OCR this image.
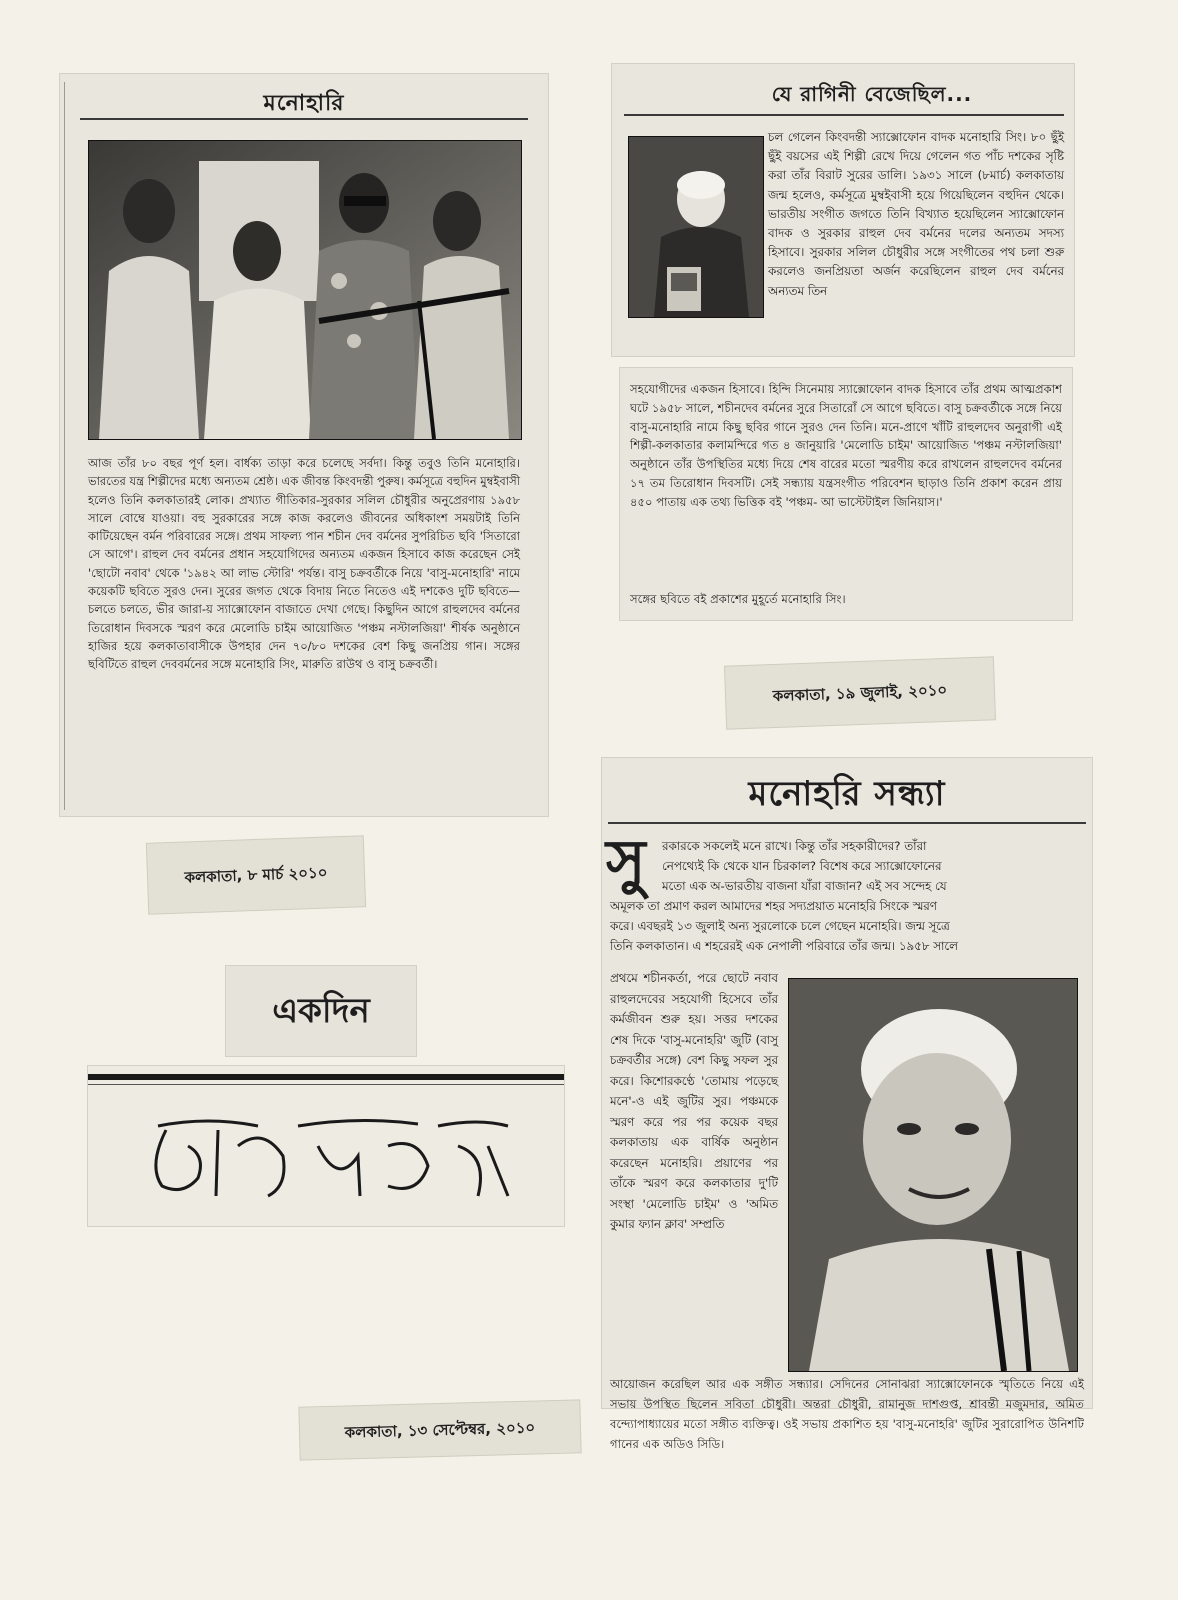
মনোহারি
আজ তাঁর ৮০ বছর পূর্ণ হল। বার্ধক্য তাড়া করে চলেছে সর্বদা। কিন্তু তবুও তিনি মনোহারি। ভারতের যন্ত্র শিল্পীদের মধ্যে অন্যতম শ্রেষ্ঠ। এক জীবন্ত কিংবদন্তী পুরুষ। কর্মসূত্রে বহুদিন মুম্বইবাসী হলেও তিনি কলকাতারই লোক। প্রখ্যাত গীতিকার-সুরকার সলিল চৌধুরীর অনুপ্রেরণায় ১৯৫৮ সালে বোম্বে যাওয়া। বহু সুরকারের সঙ্গে কাজ করলেও জীবনের অধিকাংশ সময়টাই তিনি কাটিয়েছেন বর্মন পরিবারের সঙ্গে। প্রথম সাফল্য পান শচীন দেব বর্মনের সুপরিচিত ছবি 'সিতারো সে আগে'। রাহুল দেব বর্মনের প্রধান সহযোগিদের অন্যতম একজন হিসাবে কাজ করেছেন সেই 'ছোটো নবাব' থেকে '১৯৪২ আ লাভ স্টোরি' পর্যন্ত। বাসু চক্রবর্তীকে নিয়ে 'বাসু-মনোহারি' নামে কয়েকটি ছবিতে সুরও দেন। সুরের জগত থেকে বিদায় নিতে নিতেও এই দশকেও দুটি ছবিতে—চলতে চলতে, ভীর জারা-য় স্যাক্সোফোন বাজাতে দেখা গেছে। কিছুদিন আগে রাহুলদেব বর্মনের তিরোধান দিবসকে স্মরণ করে মেলোডি চাইম আয়োজিত 'পঞ্চম নস্টালজিয়া' শীর্ষক অনুষ্ঠানে হাজির হয়ে কলকাতাবাসীকে উপহার দেন ৭০/৮০ দশকের বেশ কিছু জনপ্রিয় গান। সঙ্গের ছবিটিতে রাহুল দেববর্মনের সঙ্গে মনোহারি সিং, মারুতি রাউথ ও বাসু চক্রবর্তী।
কলকাতা, ৮ মার্চ ২০১০
যে রাগিনী বেজেছিল...
চল গেলেন কিংবদন্তী স্যাক্সোফোন বাদক মনোহারি সিং। ৮০ ছুঁই ছুঁই বয়সের এই শিল্পী রেখে দিয়ে গেলেন গত পাঁচ দশকের সৃষ্টি করা তাঁর বিরাট সুরের ডালি। ১৯৩১ সালে (৮মার্চ) কলকাতায় জন্ম হলেও, কর্মসূত্রে মুম্বইবাসী হয়ে গিয়েছিলেন বহুদিন থেকে। ভারতীয় সংগীত জগতে তিনি বিখ্যাত হয়েছিলেন স্যাক্সোফোন বাদক ও সুরকার রাহুল দেব বর্মনের দলের অন্যতম সদস্য হিসাবে। সুরকার সলিল চৌধুরীর সঙ্গে সংগীতের পথ চলা শুরু করলেও জনপ্রিয়তা অর্জন করেছিলেন রাহুল দেব বর্মনের অন্যতম তিন
সহযোগীদের একজন হিসাবে। হিন্দি সিনেমায় স্যাক্সোফোন বাদক হিসাবে তাঁর প্রথম আত্মপ্রকাশ ঘটে ১৯৫৮ সালে, শচীনদেব বর্মনের সুরে সিতারোঁ সে আগে ছবিতে। বাসু চক্রবর্তীকে সঙ্গে নিয়ে বাসু-মনোহারি নামে কিছু ছবির গানে সুরও দেন তিনি। মনে-প্রাণে খাঁটি রাহুলদেব অনুরাগী এই শিল্পী-কলকাতার কলামন্দিরে গত ৪ জানুয়ারি 'মেলোডি চাইম' আয়োজিত 'পঞ্চম নস্টালজিয়া' অনুষ্ঠানে তাঁর উপস্থিতির মধ্যে দিয়ে শেষ বারের মতো স্মরণীয় করে রাখলেন রাহুলদেব বর্মনের ১৭ তম তিরোধান দিবসটি। সেই সন্ধ্যায় যন্ত্রসংগীত পরিবেশন ছাড়াও তিনি প্রকাশ করেন প্রায় ৪৫০ পাতায় এক তথ্য ভিত্তিক বই 'পঞ্চম- আ ভাস্টেটাইল জিনিয়াস।'
সঙ্গের ছবিতে বই প্রকাশের মুহূর্তে মনোহারি সিং।
কলকাতা, ১৯ জুলাই, ২০১০
একদিন
কলকাতা, ১৩ সেপ্টেম্বর, ২০১০
মনোহরি সন্ধ্যা
সু রকারকে সকলেই মনে রাখে। কিন্তু তাঁর সহকারীদের? তাঁরা
নেপথ্যেই কি থেকে যান চিরকাল? বিশেষ করে স্যাক্সোফোনের
মতো এক অ-ভারতীয় বাজনা যাঁরা বাজান? এই সব সন্দেহ যে
অমূলক তা প্রমাণ করল আমাদের শহর সদ্যপ্রয়াত মনোহরি সিংকে স্মরণ
করে। এবছরই ১৩ জুলাই অন্য সুরলোকে চলে গেছেন মনোহরি। জন্ম সূত্রে
তিনি কলকাতান। এ শহরেরই এক নেপালী পরিবারে তাঁর জন্ম। ১৯৫৮ সালে
প্রথমে শচীনকর্তা, পরে ছোটে নবাব রাহুলদেবের সহযোগী হিসেবে তাঁর কর্মজীবন শুরু হয়। সত্তর দশকের শেষ দিকে 'বাসু-মনোহরি' জুটি (বাসু চক্রবর্তীর সঙ্গে) বেশ কিছু সফল সুর করে। কিশোরকণ্ঠে 'তোমায় পড়েছে মনে'-ও এই জুটির সুর। পঞ্চমকে স্মরণ করে পর পর কয়েক বছর কলকাতায় এক বার্ষিক অনুষ্ঠান করেছেন মনোহরি। প্রয়াণের পর তাঁকে স্মরণ করে কলকাতার দু'টি সংস্থা 'মেলোডি চাইম' ও 'অমিত কুমার ফ্যান ক্লাব' সম্প্রতি
আয়োজন করেছিল আর এক সঙ্গীত সন্ধ্যার। সেদিনের সোনাঝরা স্যাক্সোফোনকে স্মৃতিতে নিয়ে এই সভায় উপস্থিত ছিলেন সবিতা চৌধুরী। অন্তরা চৌধুরী, রামানুজ দাশগুপ্ত, শ্রাবন্তী মজুমদার, অমিত বন্দ্যোপাধ্যায়ের মতো সঙ্গীত ব্যক্তিত্ব। ওই সভায় প্রকাশিত হয় 'বাসু-মনোহরি' জুটির সুরারোপিত উনিশটি গানের এক অডিও সিডি।
